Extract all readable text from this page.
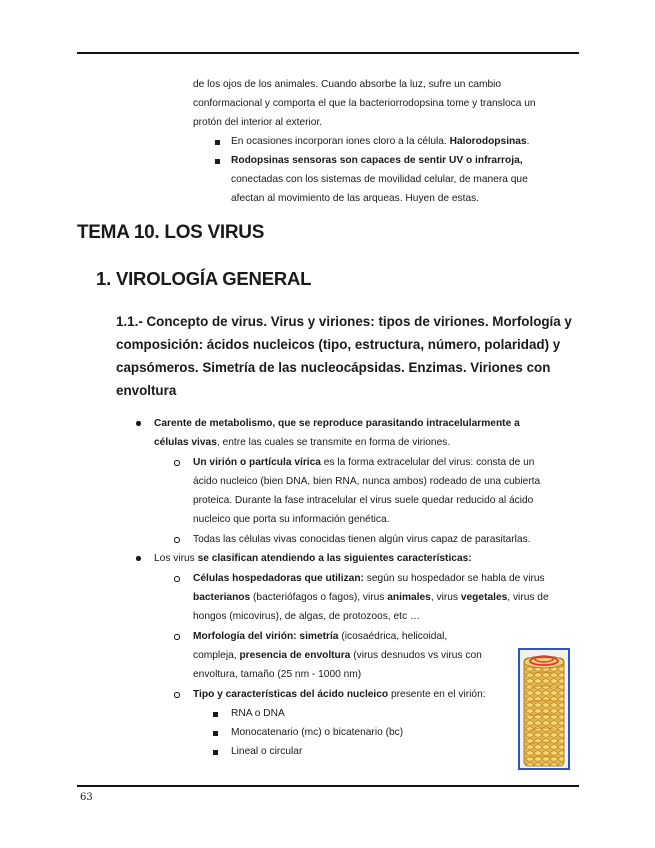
de los ojos de los animales. Cuando absorbe la luz, sufre un cambio
conformacional y comporta el que la bacteriorrodopsina tome y transloca un
protón del interior al exterior.
En ocasiones incorporan iones cloro a la célula. Halorodopsinas.
Rodopsinas sensoras son capaces de sentir UV o infrarroja,
conectadas con los sistemas de movilidad celular, de manera que
afectan al movimiento de las arqueas. Huyen de estas.
TEMA 10. LOS VIRUS
1. VIROLOGÍA GENERAL
1.1.- Concepto de virus. Virus y viriones: tipos de viriones. Morfología y
composición: ácidos nucleicos (tipo, estructura, número, polaridad) y
capsómeros. Simetría de las nucleocápsidas. Enzimas. Viriones con
envoltura
Carente de metabolismo, que se reproduce parasitando intracelularmente a
células vivas, entre las cuales se transmite en forma de viriones.
Un virión o partícula vírica es la forma extracelular del virus: consta de un
ácido nucleico (bien DNA, bien RNA, nunca ambos) rodeado de una cubierta
proteica. Durante la fase intracelular el virus suele quedar reducido al ácido
nucleico que porta su información genética.
Todas las células vivas conocidas tienen algún virus capaz de parasitarlas.
Los virus se clasifican atendiendo a las siguientes características:
Células hospedadoras que utilizan: según su hospedador se habla de virus
bacterianos (bacteriófagos o fagos), virus animales, virus vegetales, virus de
hongos (micovirus), de algas, de protozoos, etc …
Morfología del virión: simetría (icosaédrica, helicoidal,
compleja, presencia de envoltura (virus desnudos vs virus con
envoltura, tamaño (25 nm - 1000 nm)
Tipo y características del ácido nucleico presente en el virión:
RNA o DNA
Monocatenario (mc) o bicatenario (bc)
Lineal o circular
63
